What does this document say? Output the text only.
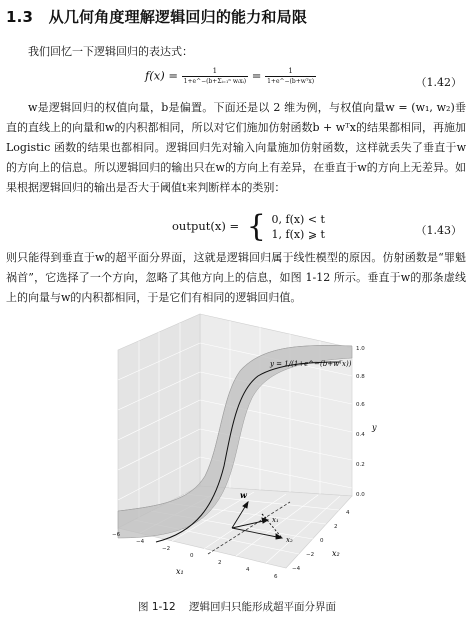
1.3 从几何角度理解逻辑回归的能力和局限
我们回忆一下逻辑回归的表达式：
$f(x) = \frac{1}{\text{1+e\textasciicircum{}−(b+Σᵢ₌₁ⁿ wᵢxᵢ)}} = \frac{1}{\text{1+e\textasciicircum{}−(b+wᵀx)}}$	（1.42）
w是逻辑回归的权值向量，b是偏置。下面还是以 2 维为例，与权值向量w = (w₁, w₂)垂直的直线上的向量和w的内积都相同，所以对它们施加仿射函数b + wᵀx的结果都相同，再施加 Logistic 函数的结果也都相同。逻辑回归先对输入向量施加仿射函数，这样就丢失了垂直于w的方向上的信息。所以逻辑回归的输出只在w的方向上有差异，在垂直于w的方向上无差异。如果根据逻辑回归的输出是否大于阈值t来判断样本的类别：
output(x) = { 0, f(x) < t
1, f(x) ⩾ t	（1.43）
则只能得到垂直于w的超平面分界面，这就是逻辑回归属于线性模型的原因。仿射函数是“罪魁祸首”，它选择了一个方向，忽略了其他方向上的信息，如图 1-12 所示。垂直于w的那条虚线上的向量与w的内积都相同，于是它们有相同的逻辑回归值。
y = 1/(1+e^−(b+wᵀx))
w
x₁
x₂
0.0
0.2
0.4
0.6
0.8
1.0
y
−6
−4
−2
0
2
4
6
x₁	−4
−2
0
2
4
x₂
图 1-12 逻辑回归只能形成超平面分界面
